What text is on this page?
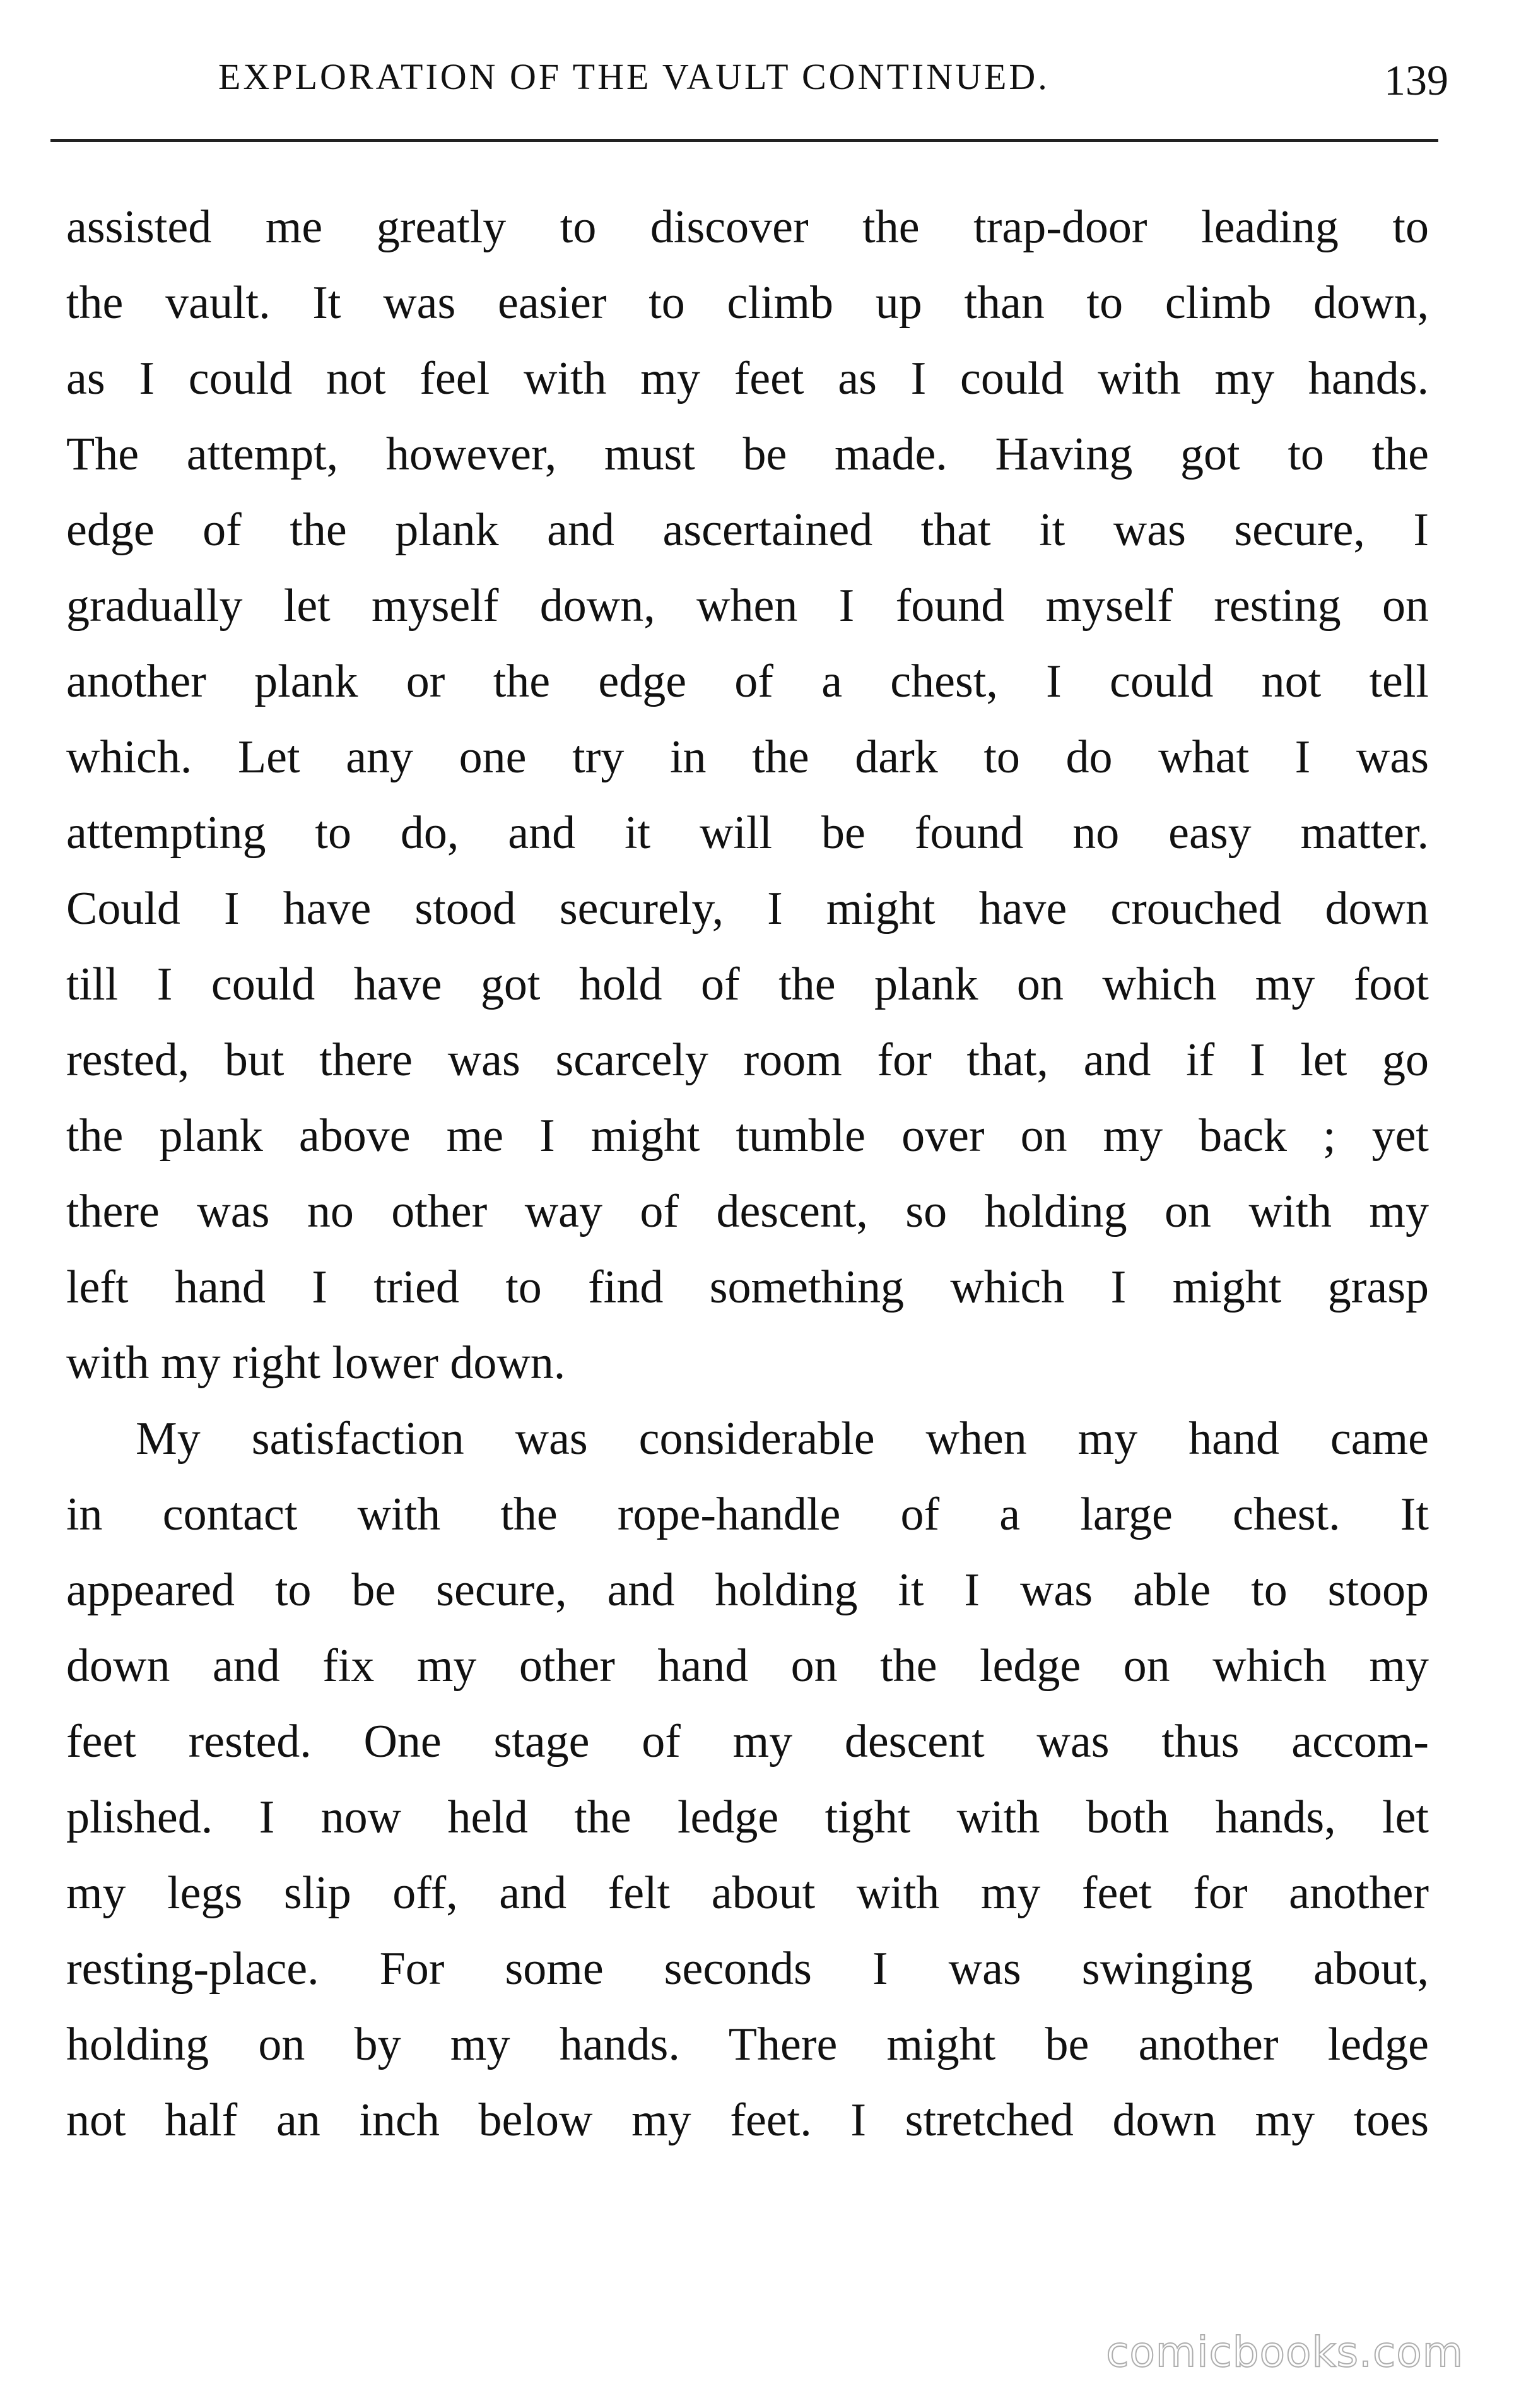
EXPLORATION OF THE VAULT CONTINUED.	139
assisted me greatly to discover the trap-door leading to
the vault. It was easier to climb up than to climb down,
as I could not feel with my feet as I could with my hands.
The attempt, however, must be made. Having got to the
edge of the plank and ascertained that it was secure, I
gradually let myself down, when I found myself resting on
another plank or the edge of a chest, I could not tell
which. Let any one try in the dark to do what I was
attempting to do, and it will be found no easy matter.
Could I have stood securely, I might have crouched down
till I could have got hold of the plank on which my foot
rested, but there was scarcely room for that, and if I let go
the plank above me I might tumble over on my back ; yet
there was no other way of descent, so holding on with my
left hand I tried to find something which I might grasp
with my right lower down.
My satisfaction was considerable when my hand came
in contact with the rope-handle of a large chest. It
appeared to be secure, and holding it I was able to stoop
down and fix my other hand on the ledge on which my
feet rested. One stage of my descent was thus accom-
plished. I now held the ledge tight with both hands, let
my legs slip off, and felt about with my feet for another
resting-place. For some seconds I was swinging about,
holding on by my hands. There might be another ledge
not half an inch below my feet. I stretched down my toes
comicbooks.com
